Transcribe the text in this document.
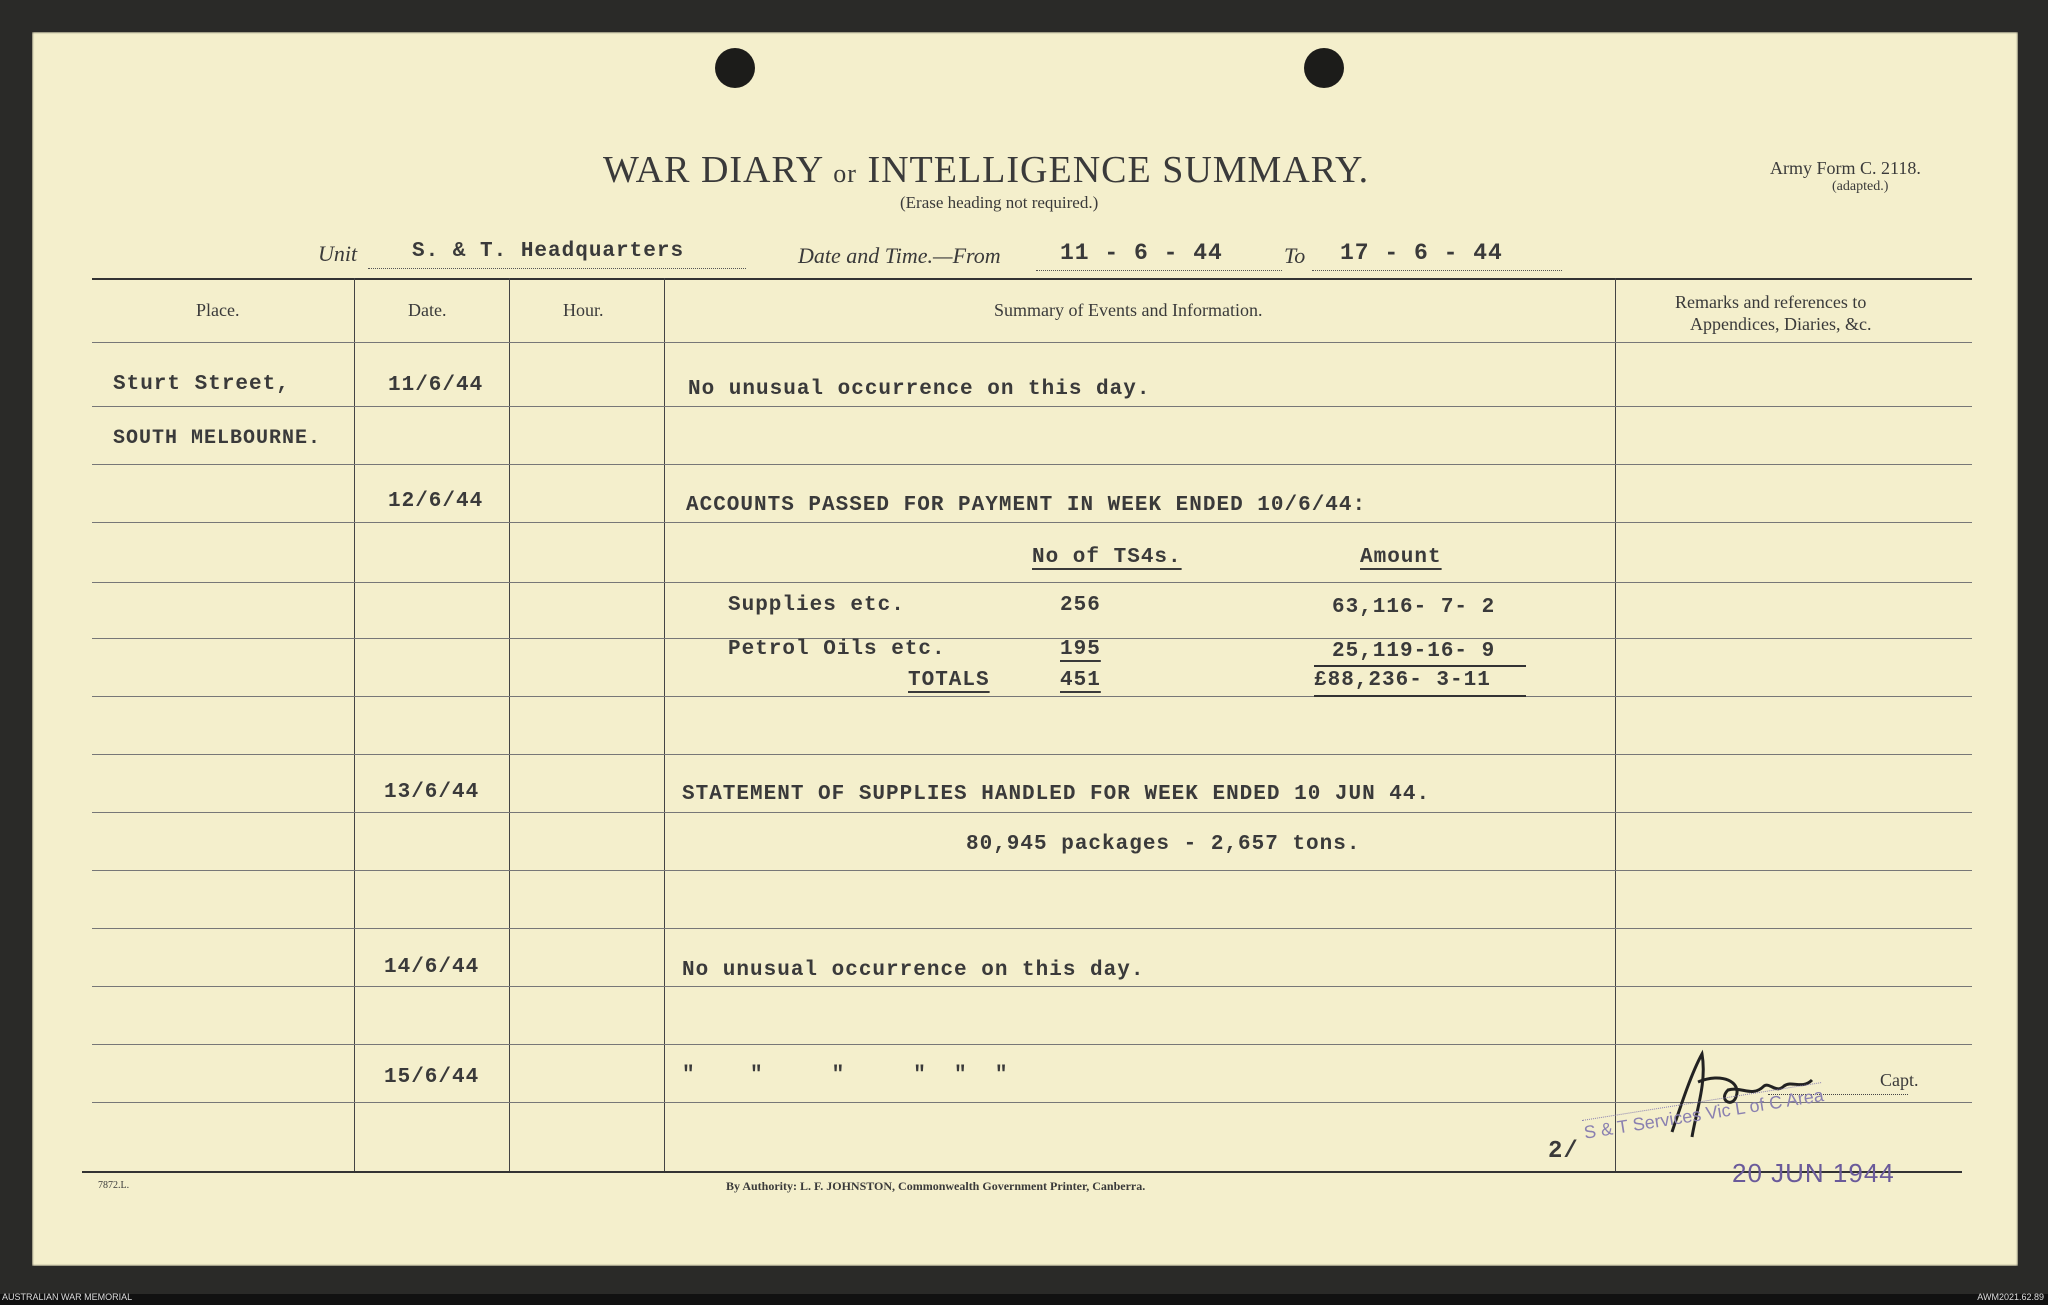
WAR DIARY or INTELLIGENCE SUMMARY.
(Erase heading not required.)
Army Form C. 2118.
(adapted.)
Unit	S. & T. Headquarters	Date and Time.—From	11 - 6 - 44	To 17 - 6 - 44
Place.	Date.	Hour.	Summary of Events and Information.	Remarks and references to
Appendices, Diaries, &c.
Sturt Street,
SOUTH MELBOURNE.
11/6/44	No unusual occurrence on this day.
12/6/44	ACCOUNTS PASSED FOR PAYMENT IN WEEK ENDED 10/6/44:
No of TS4s.	Amount
Supplies etc.	256	63,116- 7- 2
Petrol Oils etc.	195	25,119-16- 9
TOTALS	451	£88,236- 3-11
13/6/44	STATEMENT OF SUPPLIES HANDLED FOR WEEK ENDED 10 JUN 44.
80,945 packages - 2,657 tons.
14/6/44	No unusual occurrence on this day.
15/6/44	"    "     "     "  "  "	Capt.
2/
S & T Services Vic L of C Area
20 JUN 1944
7872.L.	By Authority: L. F. JOHNSTON, Commonwealth Government Printer, Canberra.
AUSTRALIAN WAR MEMORIAL	AWM2021.62.89
